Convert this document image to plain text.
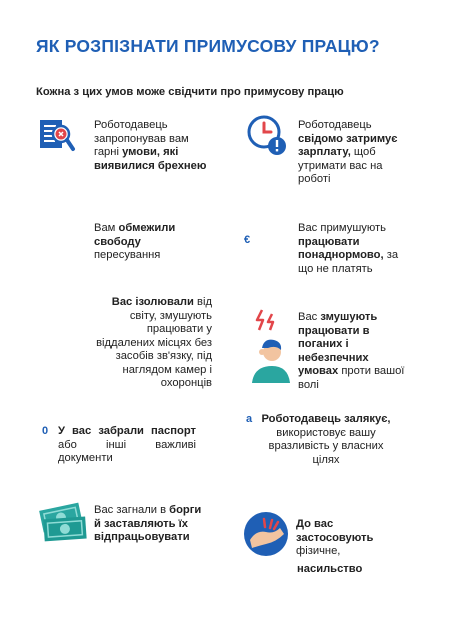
ЯК РОЗПІЗНАТИ ПРИМУСОВУ ПРАЦЮ?
Кожна з цих умов може свідчити про примусову працю
Роботодавець запропонував вам гарні умови, які виявилися брехнею
Роботодавець свідомо затримує зарплату, щоб утримати вас на роботі
Вам обмежили свободу пересування
€
Вас примушують працювати понаднормово, за що не платять
Вас ізолювали від світу, змушують працювати у віддалених місцях без засобів зв'язку, під наглядом камер і охоронців
Вас змушують працювати в поганих і небезпечних умовах проти вашої волі
0 У вас забрали паспорт або інші важливі документи
a Роботодавець залякує, використовує вашу вразливість у власних цілях
Вас загнали в борги й заставляють їх відпрацьовувати
До вас застосовують фізичне,
насильство
